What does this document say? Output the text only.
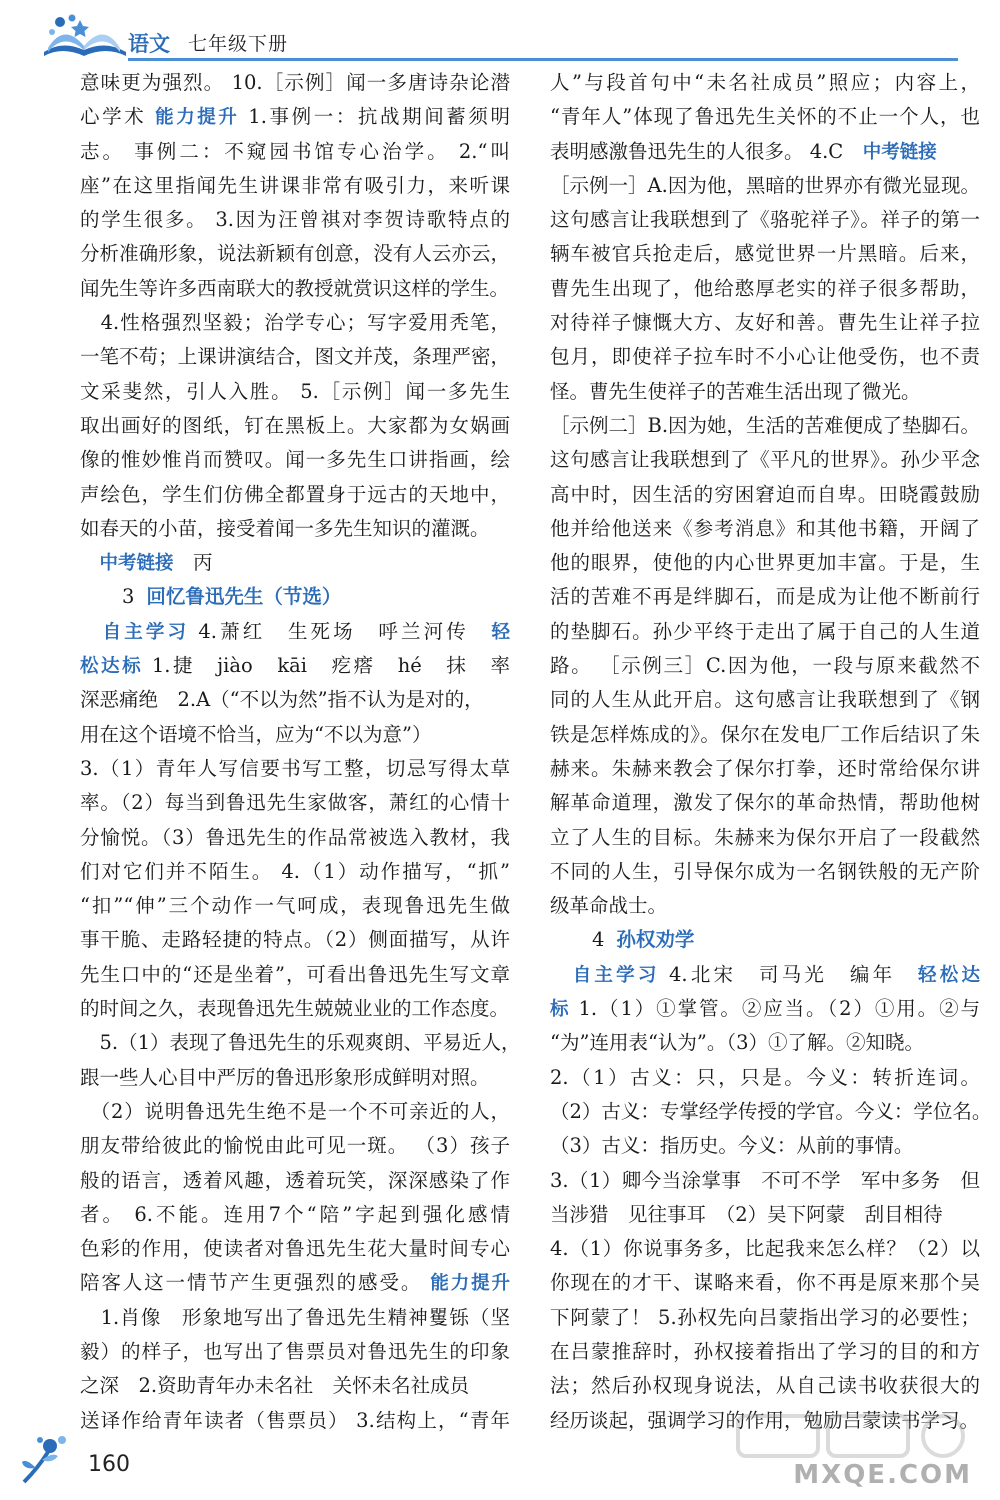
语文 七年级下册
意味更为强烈。 10.［示例］闻一多唐诗杂论潜
心学术 能力提升 1.事例一：抗战期间蓄须明
志。 事例二：不窥园书馆专心治学。 2.“叫
座”在这里指闻先生讲课非常有吸引力，来听课
的学生很多。 3.因为汪曾祺对李贺诗歌特点的
分析准确形象，说法新颖有创意，没有人云亦云，
闻先生等许多西南联大的教授就赏识这样的学生。
　4.性格强烈坚毅；治学专心；写字爱用秃笔，
一笔不苟；上课讲演结合，图文并茂，条理严密，
文采斐然，引人入胜。 5.［示例］闻一多先生
取出画好的图纸，钉在黑板上。大家都为女娲画
像的惟妙惟肖而赞叹。闻一多先生口讲指画，绘
声绘色，学生们仿佛全都置身于远古的天地中，
如春天的小苗，接受着闻一多先生知识的灌溉。
　中考链接　丙
3 回忆鲁迅先生（节选）
　自主学习 4.萧红　生死场　呼兰河传　轻
松达标 1.捷　jiào　kāi　疙瘩　hé　抹　率
深恶痛绝　2.A（“不以为然”指不认为是对的，
用在这个语境不恰当，应为“不以为意”）
3.（1）青年人写信要书写工整，切忌写得太草
率。（2）每当到鲁迅先生家做客，萧红的心情十
分愉悦。（3）鲁迅先生的作品常被选入教材，我
们对它们并不陌生。 4.（1）动作描写，“抓”
“扣”“伸”三个动作一气呵成，表现鲁迅先生做
事干脆、走路轻捷的特点。（2）侧面描写，从许
先生口中的“还是坐着”，可看出鲁迅先生写文章
的时间之久，表现鲁迅先生兢兢业业的工作态度。
　5.（1）表现了鲁迅先生的乐观爽朗、平易近人，
跟一些人心目中严厉的鲁迅形象形成鲜明对照。
　（2）说明鲁迅先生绝不是一个不可亲近的人，
朋友带给彼此的愉悦由此可见一斑。 （3）孩子
般的语言，透着风趣，透着玩笑，深深感染了作
者。 6.不能。连用7个“陪”字起到强化感情
色彩的作用，使读者对鲁迅先生花大量时间专心
陪客人这一情节产生更强烈的感受。 能力提升
　1.肖像　形象地写出了鲁迅先生精神矍铄（坚
毅）的样子，也写出了售票员对鲁迅先生的印象
之深　2.资助青年办未名社　关怀未名社成员
送译作给青年读者（售票员） 3.结构上，“青年
人”与段首句中“未名社成员”照应；内容上，
“青年人”体现了鲁迅先生关怀的不止一个人，也
表明感激鲁迅先生的人很多。 4.C　中考链接
［示例一］A.因为他，黑暗的世界亦有微光显现。
这句感言让我联想到了《骆驼祥子》。祥子的第一
辆车被官兵抢走后，感觉世界一片黑暗。后来，
曹先生出现了，他给憨厚老实的祥子很多帮助，
对待祥子慷慨大方、友好和善。曹先生让祥子拉
包月，即使祥子拉车时不小心让他受伤，也不责
怪。曹先生使祥子的苦难生活出现了微光。
［示例二］B.因为她，生活的苦难便成了垫脚石。
这句感言让我联想到了《平凡的世界》。孙少平念
高中时，因生活的穷困窘迫而自卑。田晓霞鼓励
他并给他送来《参考消息》和其他书籍，开阔了
他的眼界，使他的内心世界更加丰富。于是，生
活的苦难不再是绊脚石，而是成为让他不断前行
的垫脚石。孙少平终于走出了属于自己的人生道
路。 ［示例三］C.因为他，一段与原来截然不
同的人生从此开启。这句感言让我联想到了《钢
铁是怎样炼成的》。保尔在发电厂工作后结识了朱
赫来。朱赫来教会了保尔打拳，还时常给保尔讲
解革命道理，激发了保尔的革命热情，帮助他树
立了人生的目标。朱赫来为保尔开启了一段截然
不同的人生，引导保尔成为一名钢铁般的无产阶
级革命战士。
4 孙权劝学
　自主学习 4.北宋　司马光　编年　轻松达
标 1.（1）①掌管。②应当。（2）①用。②与
“为”连用表“认为”。（3）①了解。②知晓。
2.（1）古义：只，只是。今义：转折连词。
（2）古义：专掌经学传授的学官。今义：学位名。
（3）古义：指历史。今义：从前的事情。
3.（1）卿今当涂掌事　不可不学　军中多务　但
当涉猎　见往事耳　（2）吴下阿蒙　刮目相待
4.（1）你说事务多，比起我来怎么样？（2）以
你现在的才干、谋略来看，你不再是原来那个吴
下阿蒙了！ 5.孙权先向吕蒙指出学习的必要性；
在吕蒙推辞时，孙权接着指出了学习的目的和方
法；然后孙权现身说法，从自己读书收获很大的
经历谈起，强调学习的作用，勉励吕蒙读书学习。
160	MXQE.COM
